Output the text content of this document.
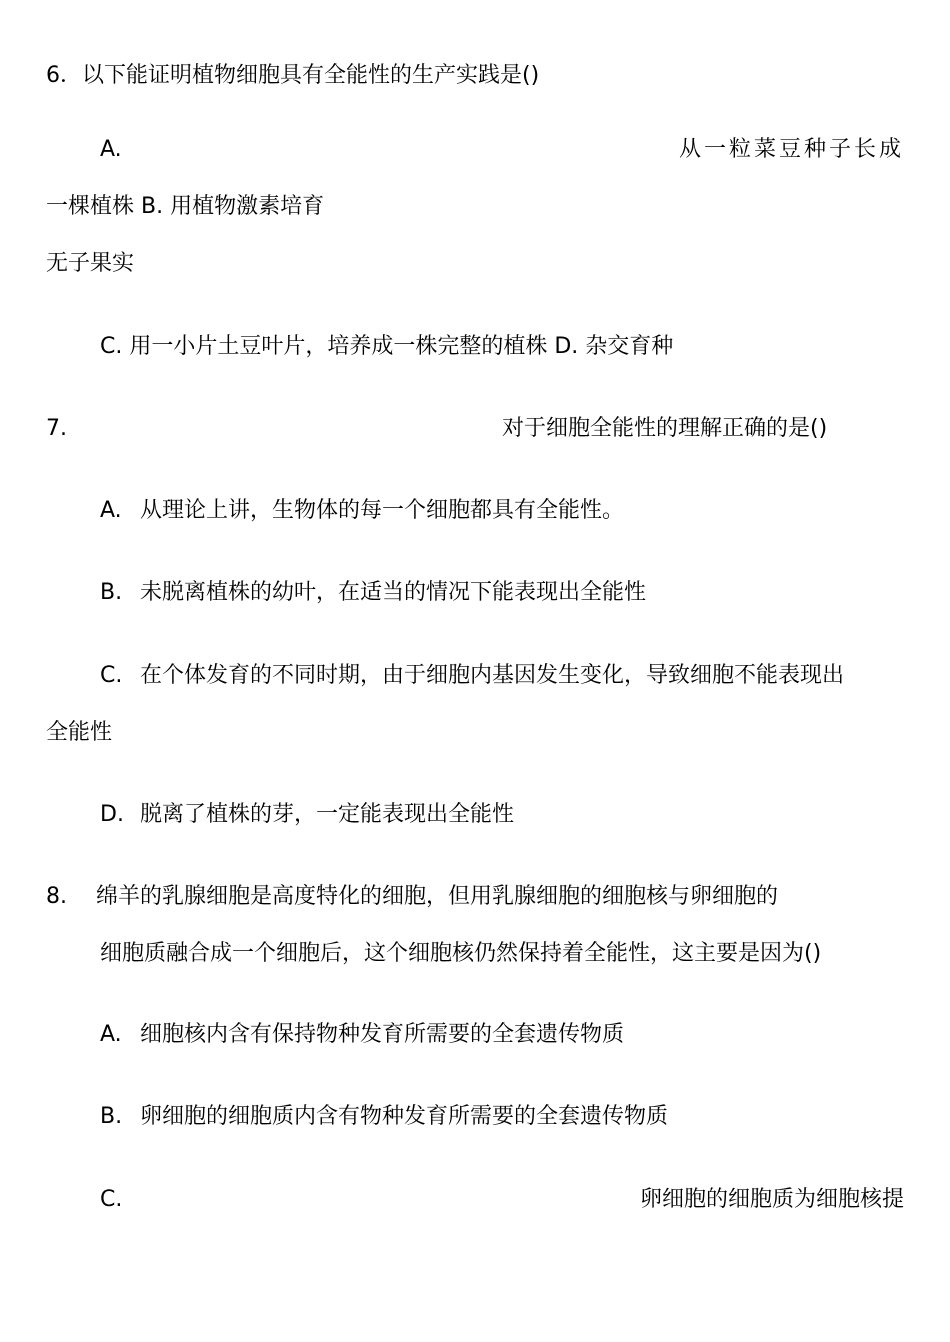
6．以下能证明植物细胞具有全能性的生产实践是()
A.	从一粒菜豆种子长成
一棵植株 B. 用植物激素培育
无子果实
C. 用一小片土豆叶片，培养成一株完整的植株 D. 杂交育种
7.	对于细胞全能性的理解正确的是()
A. 从理论上讲，生物体的每一个细胞都具有全能性。
B. 未脱离植株的幼叶，在适当的情况下能表现出全能性
C. 在个体发育的不同时期，由于细胞内基因发生变化，导致细胞不能表现出
全能性
D. 脱离了植株的芽，一定能表现出全能性
8. 绵羊的乳腺细胞是高度特化的细胞，但用乳腺细胞的细胞核与卵细胞的
细胞质融合成一个细胞后，这个细胞核仍然保持着全能性，这主要是因为()
A. 细胞核内含有保持物种发育所需要的全套遗传物质
B. 卵细胞的细胞质内含有物种发育所需要的全套遗传物质
C.	卵细胞的细胞质为细胞核提
